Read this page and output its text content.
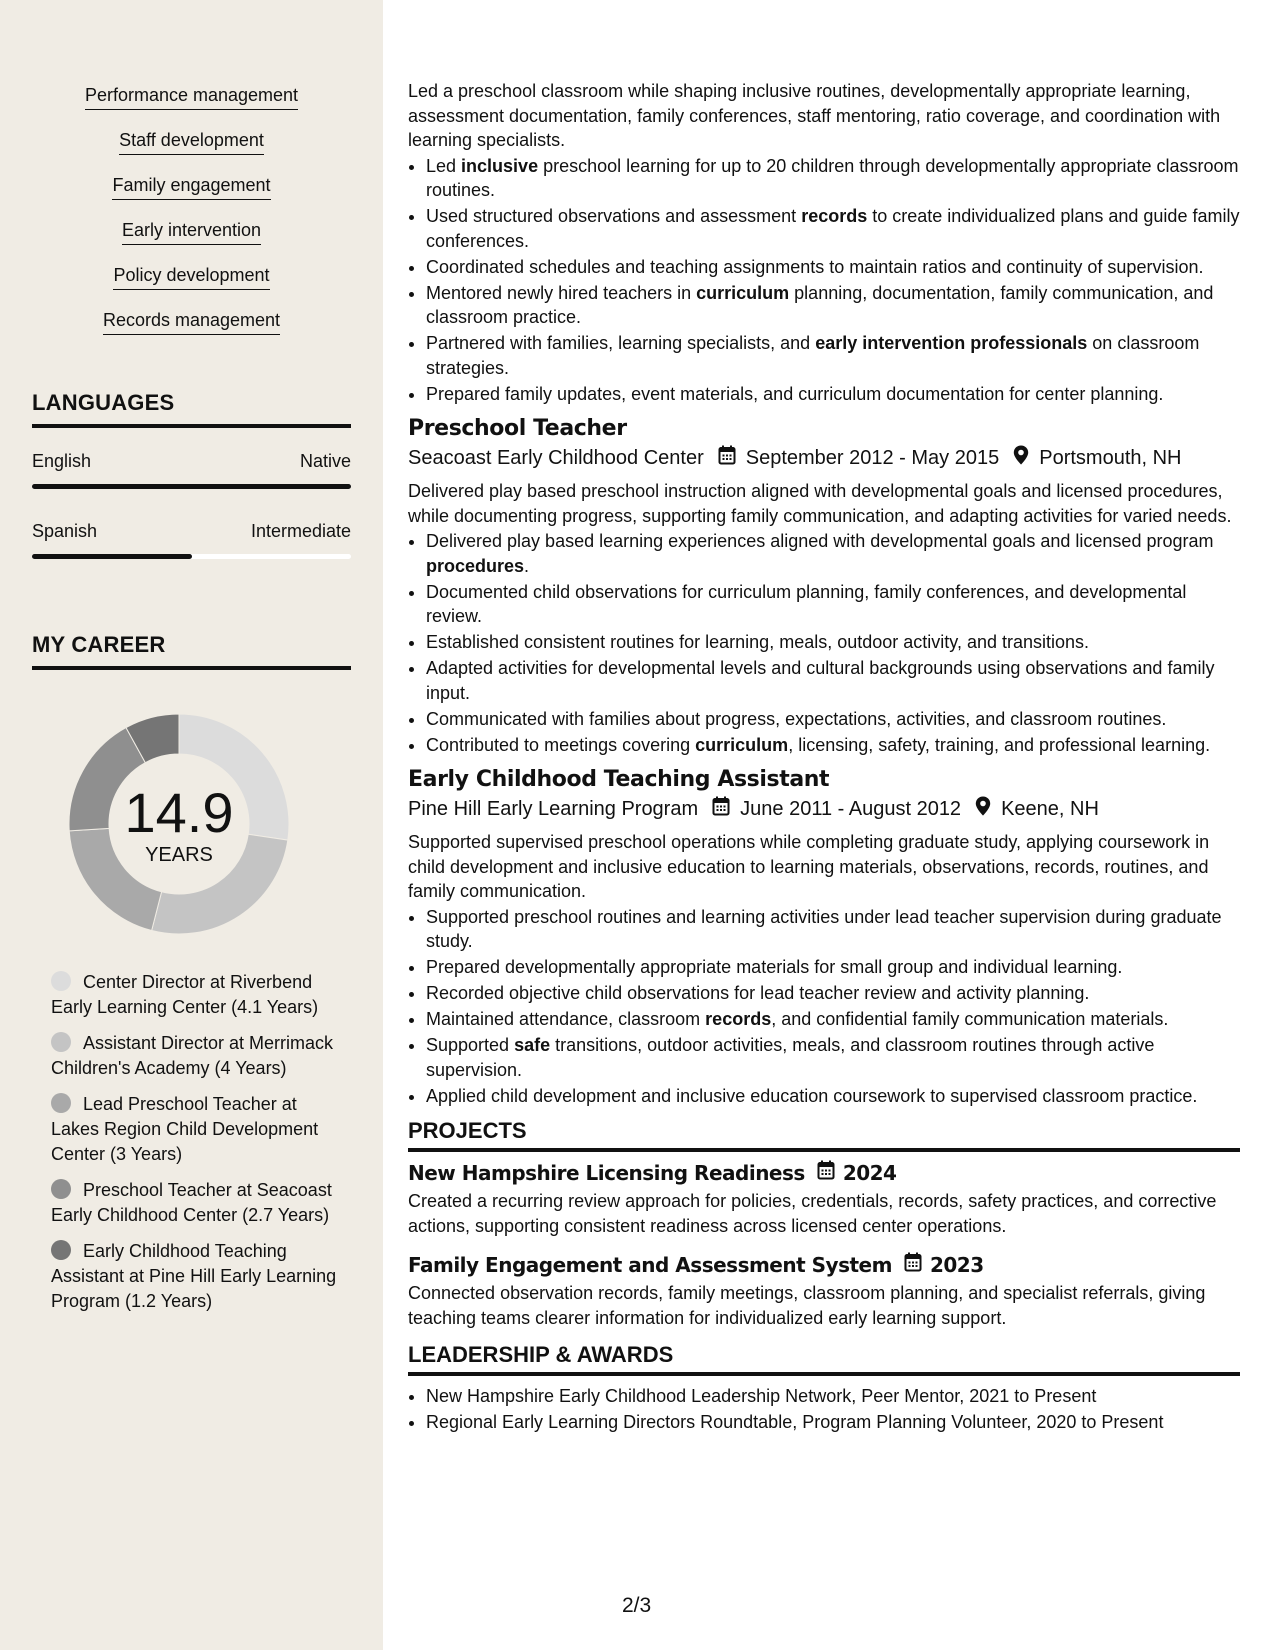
Performance management
Staff development
Family engagement
Early intervention
Policy development
Records management
LANGUAGES
English	Native
Spanish	Intermediate
MY CAREER
14.9
YEARS
Center Director at Riverbend Early Learning Center (4.1 Years)
Assistant Director at Merrimack Children's Academy (4 Years)
Lead Preschool Teacher at Lakes Region Child Development Center (3 Years)
Preschool Teacher at Seacoast Early Childhood Center (2.7 Years)
Early Childhood Teaching Assistant at Pine Hill Early Learning Program (1.2 Years)

Led a preschool classroom while shaping inclusive routines, developmentally appropriate learning, assessment documentation, family conferences, staff mentoring, ratio coverage, and coordination with learning specialists.

• Led inclusive preschool learning for up to 20 children through developmentally appropriate classroom routines.
• Used structured observations and assessment records to create individualized plans and guide family conferences.
• Coordinated schedules and teaching assignments to maintain ratios and continuity of supervision.
• Mentored newly hired teachers in curriculum planning, documentation, family communication, and classroom practice.
• Partnered with families, learning specialists, and early intervention professionals on classroom strategies.
• Prepared family updates, event materials, and curriculum documentation for center planning.
Preschool Teacher
Seacoast Early Childhood Center September 2012 - May 2015 Portsmouth, NH

Delivered play based preschool instruction aligned with developmental goals and licensed procedures, while documenting progress, supporting family communication, and adapting activities for varied needs.

• Delivered play based learning experiences aligned with developmental goals and licensed program procedures.
• Documented child observations for curriculum planning, family conferences, and developmental review.
• Established consistent routines for learning, meals, outdoor activity, and transitions.
• Adapted activities for developmental levels and cultural backgrounds using observations and family input.
• Communicated with families about progress, expectations, activities, and classroom routines.
• Contributed to meetings covering curriculum, licensing, safety, training, and professional learning.
Early Childhood Teaching Assistant
Pine Hill Early Learning Program June 2011 - August 2012 Keene, NH

Supported supervised preschool operations while completing graduate study, applying coursework in child development and inclusive education to learning materials, observations, records, routines, and family communication.

• Supported preschool routines and learning activities under lead teacher supervision during graduate study.
• Prepared developmentally appropriate materials for small group and individual learning.
• Recorded objective child observations for lead teacher review and activity planning.
• Maintained attendance, classroom records, and confidential family communication materials.
• Supported safe transitions, outdoor activities, meals, and classroom routines through active supervision.
• Applied child development and inclusive education coursework to supervised classroom practice.
PROJECTS
New Hampshire Licensing Readiness 2024

Created a recurring review approach for policies, credentials, records, safety practices, and corrective actions, supporting consistent readiness across licensed center operations.

Family Engagement and Assessment System 2023

Connected observation records, family meetings, classroom planning, and specialist referrals, giving teaching teams clearer information for individualized early learning support.

LEADERSHIP & AWARDS
• New Hampshire Early Childhood Leadership Network, Peer Mentor, 2021 to Present
• Regional Early Learning Directors Roundtable, Program Planning Volunteer, 2020 to Present
2/3
